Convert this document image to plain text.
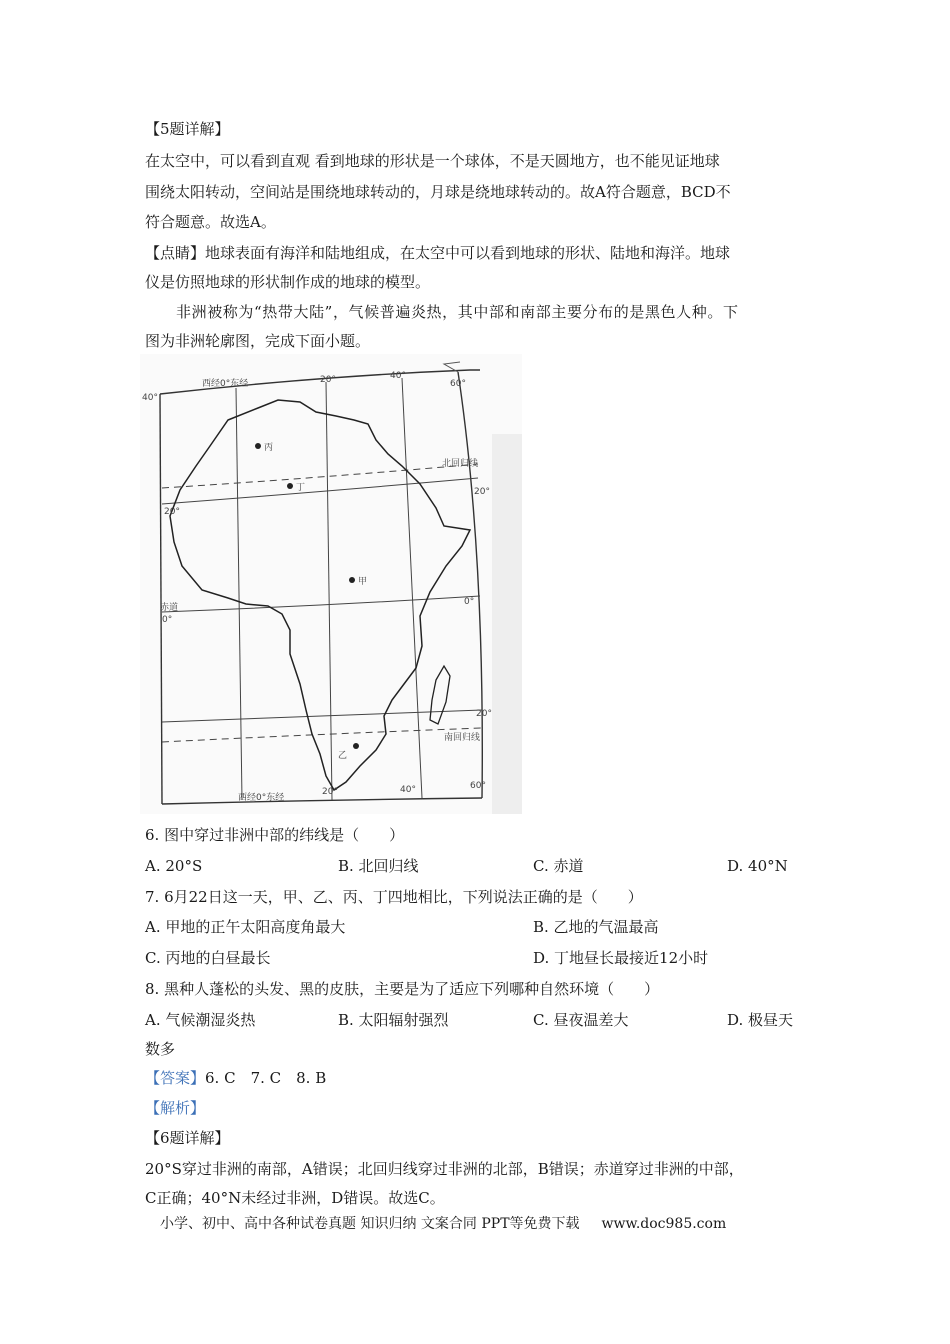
【5题详解】
在太空中，可以看到直观 看到地球的形状是一个球体，不是天圆地方，也不能见证地球
围绕太阳转动，空间站是围绕地球转动的，月球是绕地球转动的。故A符合题意，BCD不
符合题意。故选A。
【点睛】地球表面有海洋和陆地组成，在太空中可以看到地球的形状、陆地和海洋。地球
仪是仿照地球的形状制作成的地球的模型。
非洲被称为“热带大陆”，气候普遍炎热，其中部和南部主要分布的是黑色人种。下
图为非洲轮廓图，完成下面小题。
丙
丁
甲
乙
西经0°东经
西经0°东经
北回归线
南回归线
赤道
0°
0°
20°
20°
20°
20°	40°
40°
60°
20°	40°	60°
6. 图中穿过非洲中部的纬线是（　　）
A. 20°S	B. 北回归线	C. 赤道	D. 40°N
7. 6月22日这一天，甲、乙、丙、丁四地相比，下列说法正确的是（　　）
A. 甲地的正午太阳高度角最大	B. 乙地的气温最高
C. 丙地的白昼最长	D. 丁地昼长最接近12小时
8. 黑种人蓬松的头发、黑的皮肤，主要是为了适应下列哪种自然环境（　　）
A. 气候潮湿炎热	B. 太阳辐射强烈	C. 昼夜温差大	D. 极昼天
数多
【答案】6. C　7. C　8. B
【解析】
【6题详解】
20°S穿过非洲的南部，A错误；北回归线穿过非洲的北部，B错误；赤道穿过非洲的中部，
C正确；40°N未经过非洲，D错误。故选C。
小学、初中、高中各种试卷真题 知识归纳 文案合同 PPT等免费下载 www.doc985.com
